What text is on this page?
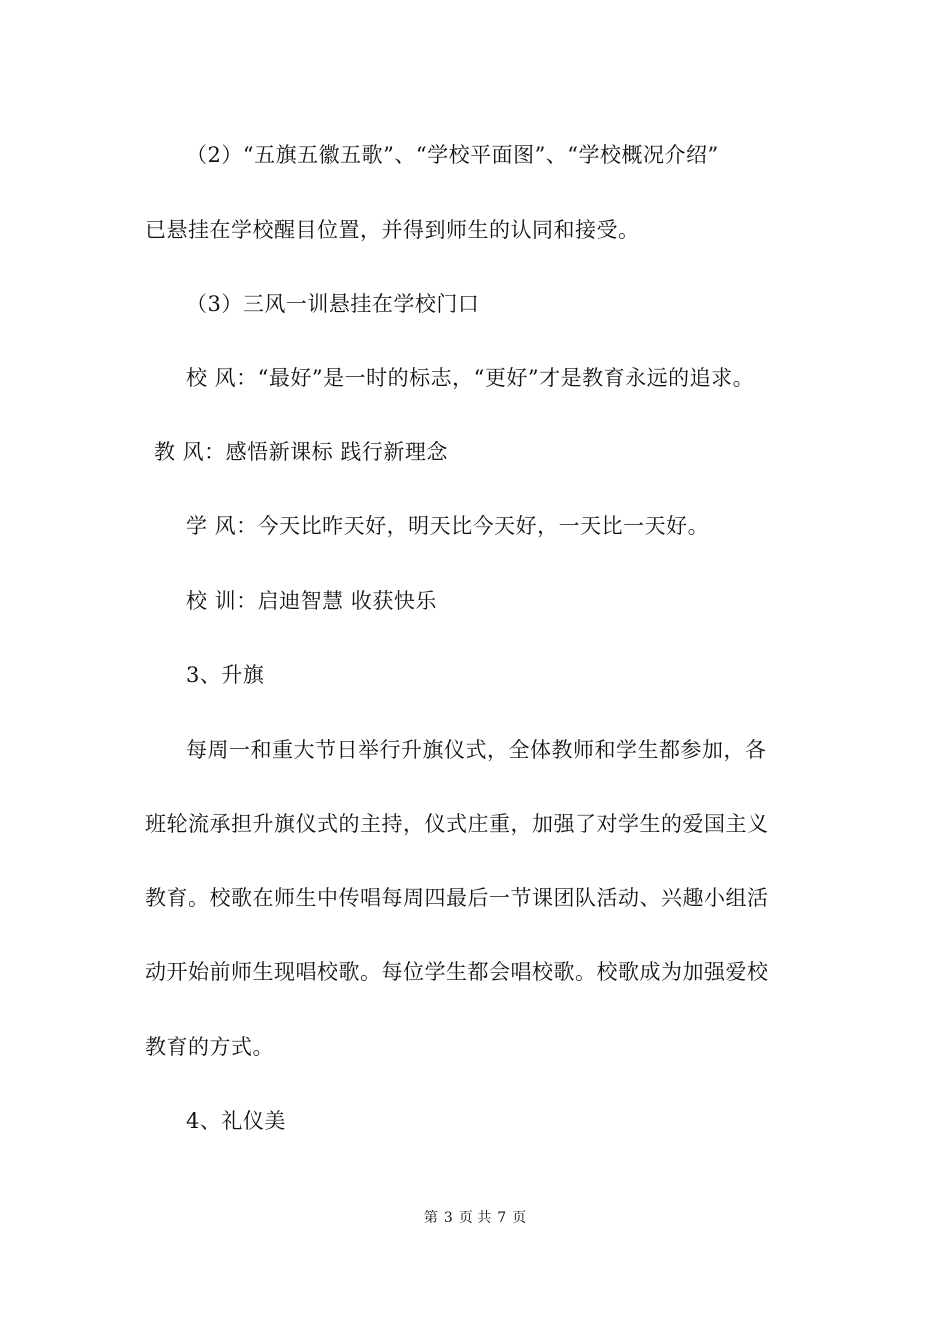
（2）“五旗五徽五歌”、“学校平面图”、“学校概况介绍”
已悬挂在学校醒目位置，并得到师生的认同和接受。
（3）三风一训悬挂在学校门口
校 风：“最好”是一时的标志，“更好”才是教育永远的追求。
教 风：感悟新课标 践行新理念
学 风：今天比昨天好，明天比今天好，一天比一天好。
校 训：启迪智慧 收获快乐
3、升旗
每周一和重大节日举行升旗仪式，全体教师和学生都参加，各
班轮流承担升旗仪式的主持，仪式庄重，加强了对学生的爱国主义
教育。校歌在师生中传唱每周四最后一节课团队活动、兴趣小组活
动开始前师生现唱校歌。每位学生都会唱校歌。校歌成为加强爱校
教育的方式。
4、礼仪美
第 3 页 共 7 页
